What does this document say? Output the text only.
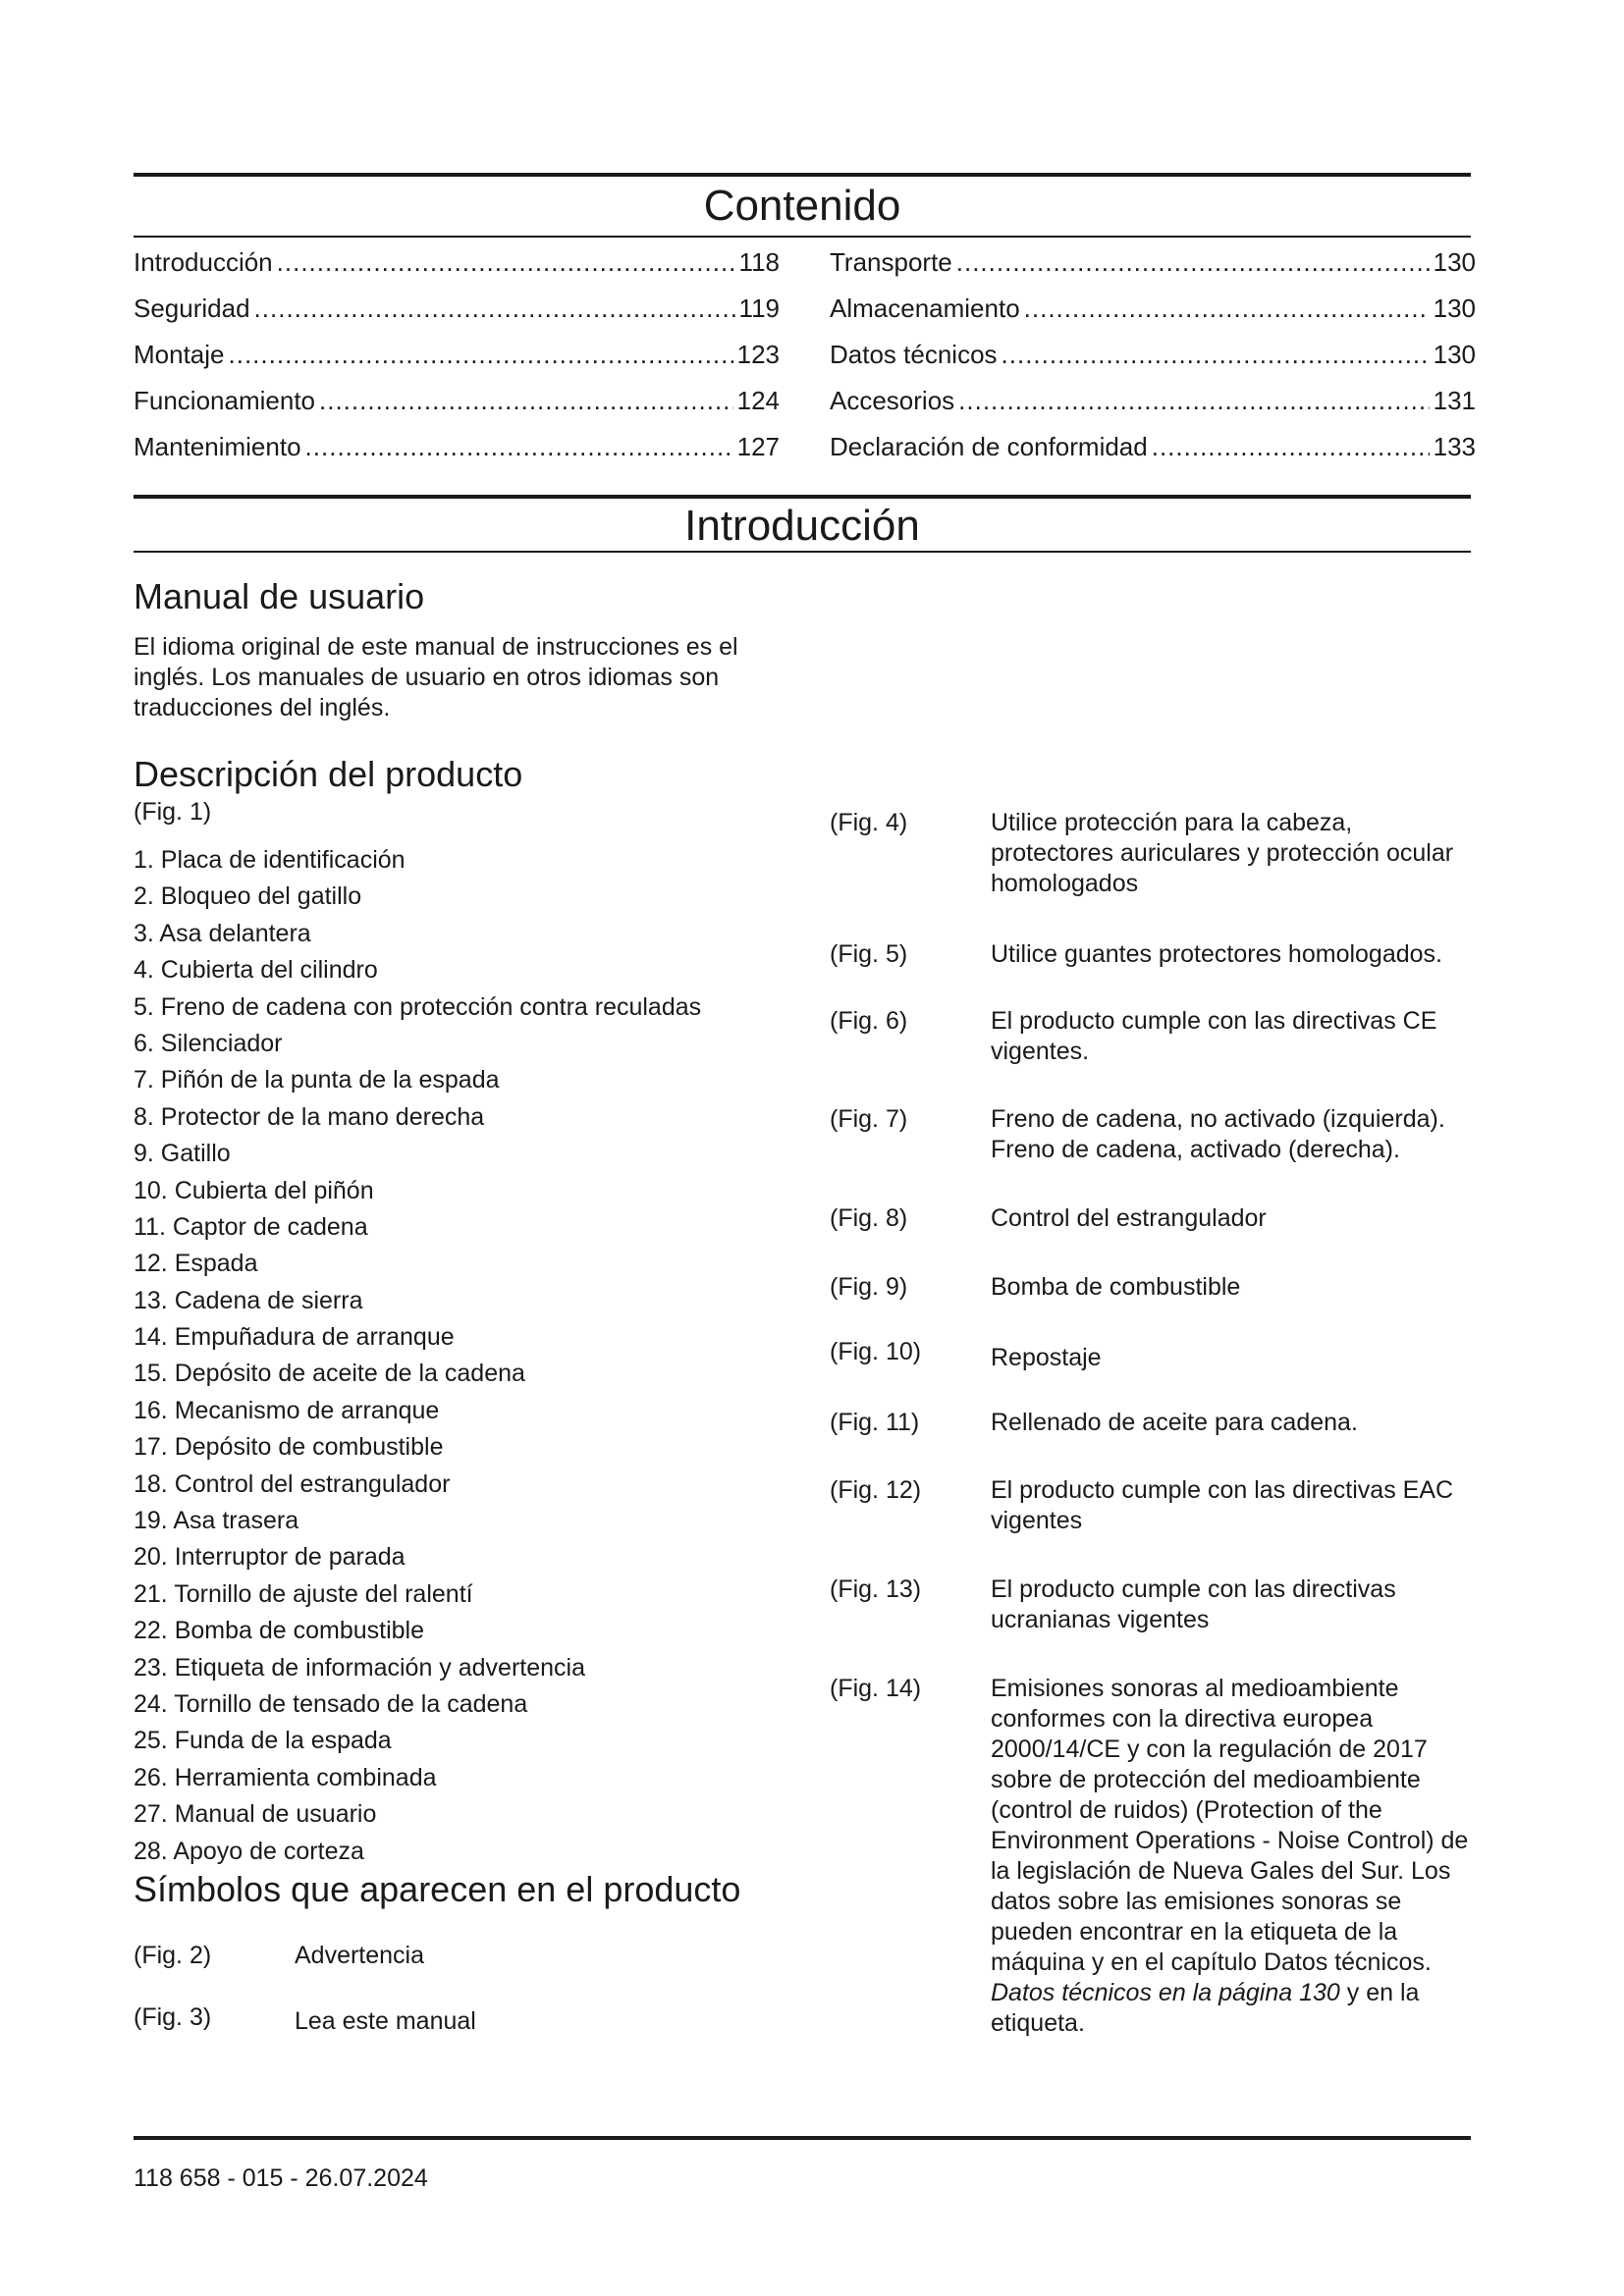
Contenido
Introducción .....	118
Seguridad .....	119
Montaje .....	123
Funcionamiento .....	124
Mantenimiento .....	127
Transporte .....	130
Almacenamiento .....	130
Datos técnicos .....	130
Accesorios .....	131
Declaración de conformidad .....	133
Introducción
Manual de usuario

El idioma original de este manual de instrucciones es el inglés. Los manuales de usuario en otros idiomas son traducciones del inglés.

Descripción del producto
(Fig. 1)
1. Placa de identificación
2. Bloqueo del gatillo
3. Asa delantera
4. Cubierta del cilindro
5. Freno de cadena con protección contra reculadas
6. Silenciador
7. Piñón de la punta de la espada
8. Protector de la mano derecha
9. Gatillo
10. Cubierta del piñón
11. Captor de cadena
12. Espada
13. Cadena de sierra
14. Empuñadura de arranque
15. Depósito de aceite de la cadena
16. Mecanismo de arranque
17. Depósito de combustible
18. Control del estrangulador
19. Asa trasera
20. Interruptor de parada
21. Tornillo de ajuste del ralentí
22. Bomba de combustible
23. Etiqueta de información y advertencia
24. Tornillo de tensado de la cadena
25. Funda de la espada
26. Herramienta combinada
27. Manual de usuario
28. Apoyo de corteza
Símbolos que aparecen en el producto
(Fig. 2)	Advertencia
(Fig. 3)	Lea este manual
(Fig. 4)	Utilice protección para la cabeza, protectores auriculares y protección ocular homologados
(Fig. 5)	Utilice guantes protectores homologados.
(Fig. 6)	El producto cumple con las directivas CE vigentes.
(Fig. 7)	Freno de cadena, no activado (izquierda). Freno de cadena, activado (derecha).
(Fig. 8)	Control del estrangulador
(Fig. 9)	Bomba de combustible
(Fig. 10)	Repostaje
(Fig. 11)	Rellenado de aceite para cadena.
(Fig. 12)	El producto cumple con las directivas EAC vigentes
(Fig. 13)	El producto cumple con las directivas ucranianas vigentes
(Fig. 14)	Emisiones sonoras al medioambiente conformes con la directiva europea 2000/14/CE y con la regulación de 2017 sobre de protección del medioambiente (control de ruidos) (Protection of the Environment Operations - Noise Control) de la legislación de Nueva Gales del Sur. Los datos sobre las emisiones sonoras se pueden encontrar en la etiqueta de la máquina y en el capítulo Datos técnicos. Datos técnicos en la página 130 y en la etiqueta.
118 658 - 015 - 26.07.2024
